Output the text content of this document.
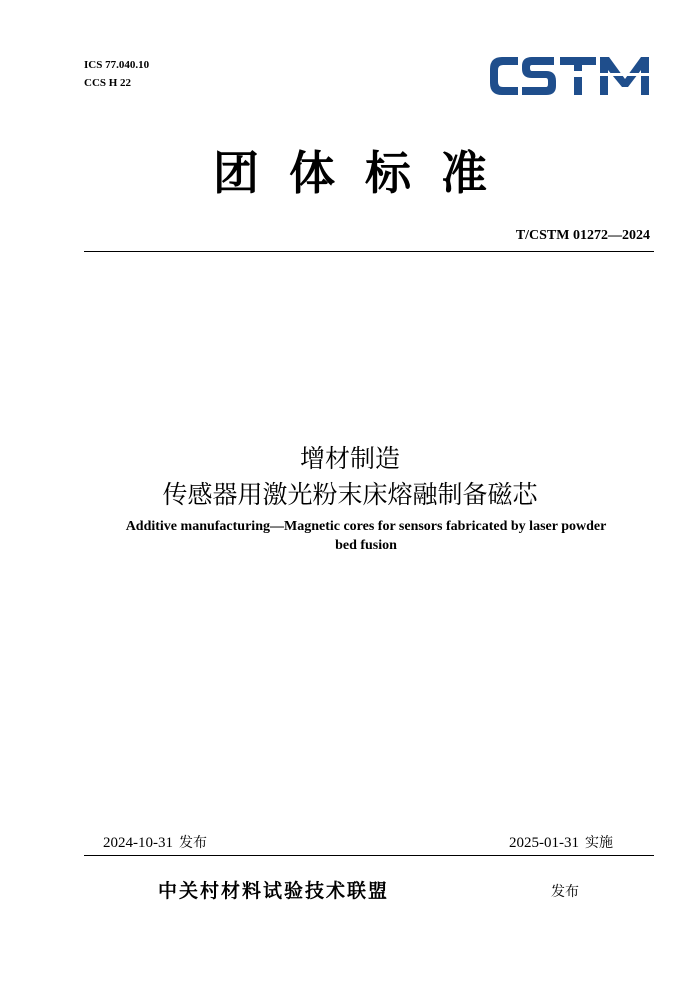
ICS 77.040.10
CCS H 22
团体标准
T/CSTM 01272—2024
增材制造
传感器用激光粉末床熔融制备磁芯
Additive manufacturing—Magnetic cores for sensors fabricated by laser powder
bed fusion
2024-10-31 发布	2025-01-31 实施
中关村材料试验技术联盟	发布
